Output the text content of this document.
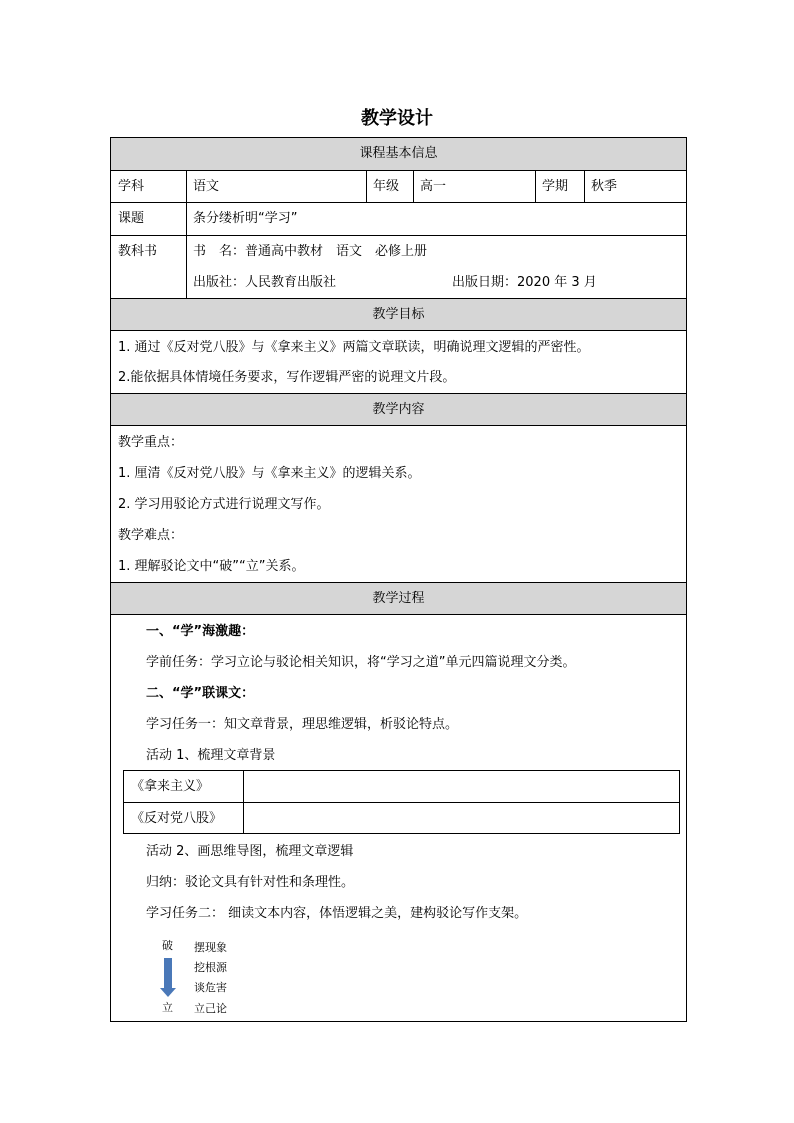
教学设计
课程基本信息
教学目标
教学内容
教学过程
学科	语文	年级 高一	学期 秋季
课题	条分缕析明“学习”
教科书	书　名：普通高中教材　语文　必修上册
出版社：人民教育出版社	出版日期：2020 年 3 月
1. 通过《反对党八股》与《拿来主义》两篇文章联读，明确说理文逻辑的严密性。
2.能依据具体情境任务要求，写作逻辑严密的说理文片段。
教学重点：
1. 厘清《反对党八股》与《拿来主义》的逻辑关系。
2. 学习用驳论方式进行说理文写作。
教学难点：
1. 理解驳论文中“破”“立”关系。
一、“学”海激趣：
学前任务：学习立论与驳论相关知识，将“学习之道”单元四篇说理文分类。
二、“学”联课文：
学习任务一：知文章背景，理思维逻辑，析驳论特点。
活动 1、梳理文章背景
《拿来主义》
《反对党八股》
活动 2、画思维导图，梳理文章逻辑
归纳：驳论文具有针对性和条理性。
学习任务二： 细读文本内容，体悟逻辑之美，建构驳论写作支架。
破
立
摆现象
挖根源
谈危害
立己论
